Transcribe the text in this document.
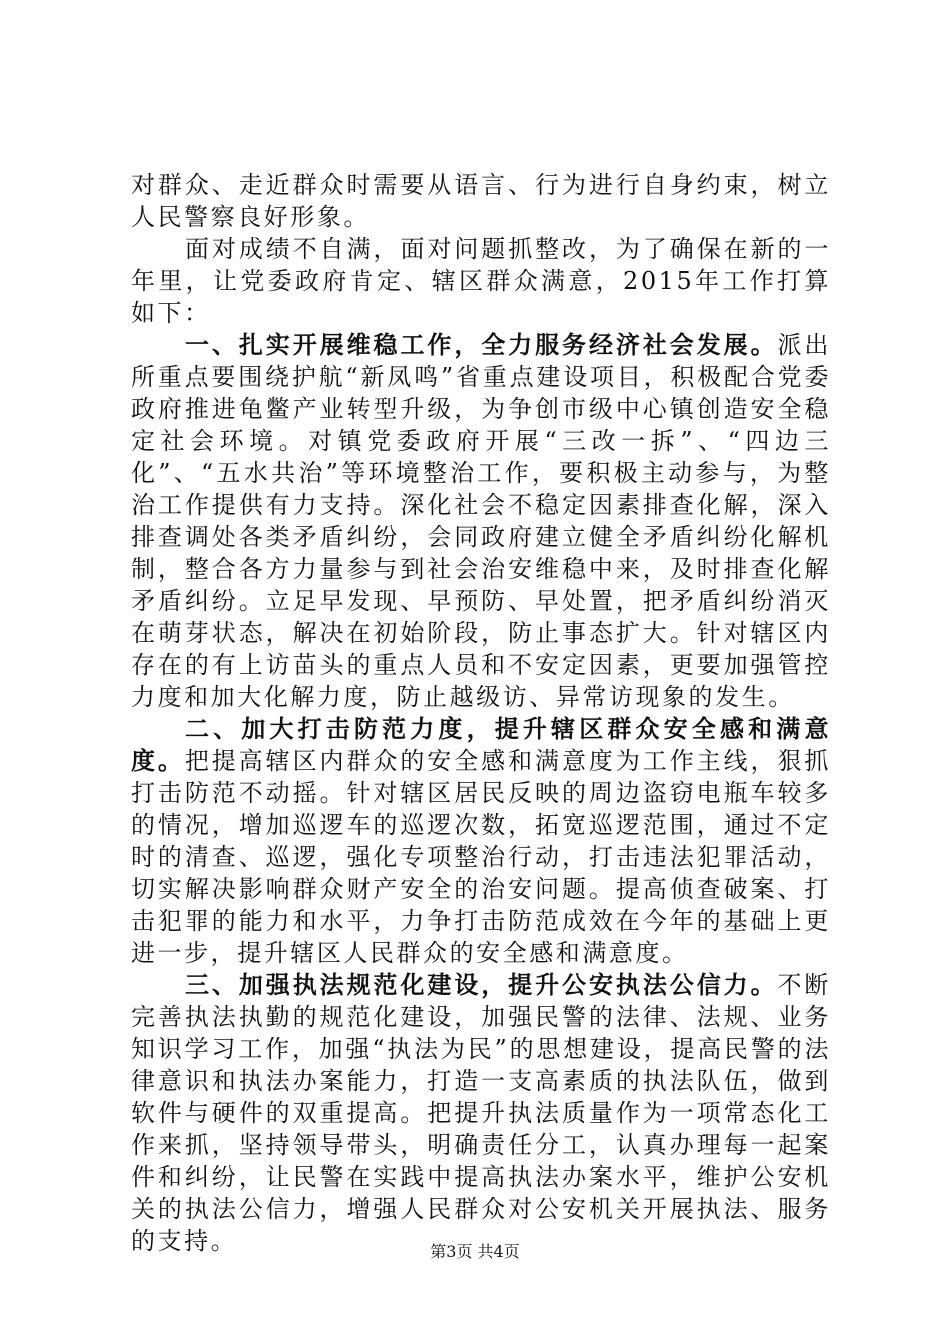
对群众、走近群众时需要从语言、行为进行自身约束，树立人民警察良好形象。

面对成绩不自满，面对问题抓整改，为了确保在新的一年里，让党委政府肯定、辖区群众满意，2015年工作打算如下：

一、扎实开展维稳工作，全力服务经济社会发展。派出所重点要围绕护航“新凤鸣”省重点建设项目，积极配合党委政府推进龟鳖产业转型升级，为争创市级中心镇创造安全稳定社会环境。对镇党委政府开展“三改一拆”、“四边三化”、“五水共治”等环境整治工作，要积极主动参与，为整治工作提供有力支持。深化社会不稳定因素排查化解，深入排查调处各类矛盾纠纷，会同政府建立健全矛盾纠纷化解机制，整合各方力量参与到社会治安维稳中来，及时排查化解矛盾纠纷。立足早发现、早预防、早处置，把矛盾纠纷消灭在萌芽状态，解决在初始阶段，防止事态扩大。针对辖区内存在的有上访苗头的重点人员和不安定因素，更要加强管控力度和加大化解力度，防止越级访、异常访现象的发生。

二、加大打击防范力度，提升辖区群众安全感和满意度。把提高辖区内群众的安全感和满意度为工作主线，狠抓打击防范不动摇。针对辖区居民反映的周边盗窃电瓶车较多的情况，增加巡逻车的巡逻次数，拓宽巡逻范围，通过不定时的清查、巡逻，强化专项整治行动，打击违法犯罪活动，切实解决影响群众财产安全的治安问题。提高侦查破案、打击犯罪的能力和水平，力争打击防范成效在今年的基础上更进一步，提升辖区人民群众的安全感和满意度。

三、加强执法规范化建设，提升公安执法公信力。不断完善执法执勤的规范化建设，加强民警的法律、法规、业务知识学习工作，加强“执法为民”的思想建设，提高民警的法律意识和执法办案能力，打造一支高素质的执法队伍，做到软件与硬件的双重提高。把提升执法质量作为一项常态化工作来抓，坚持领导带头，明确责任分工，认真办理每一起案件和纠纷，让民警在实践中提高执法办案水平，维护公安机关的执法公信力，增强人民群众对公安机关开展执法、服务的支持。	第3页 共4页
